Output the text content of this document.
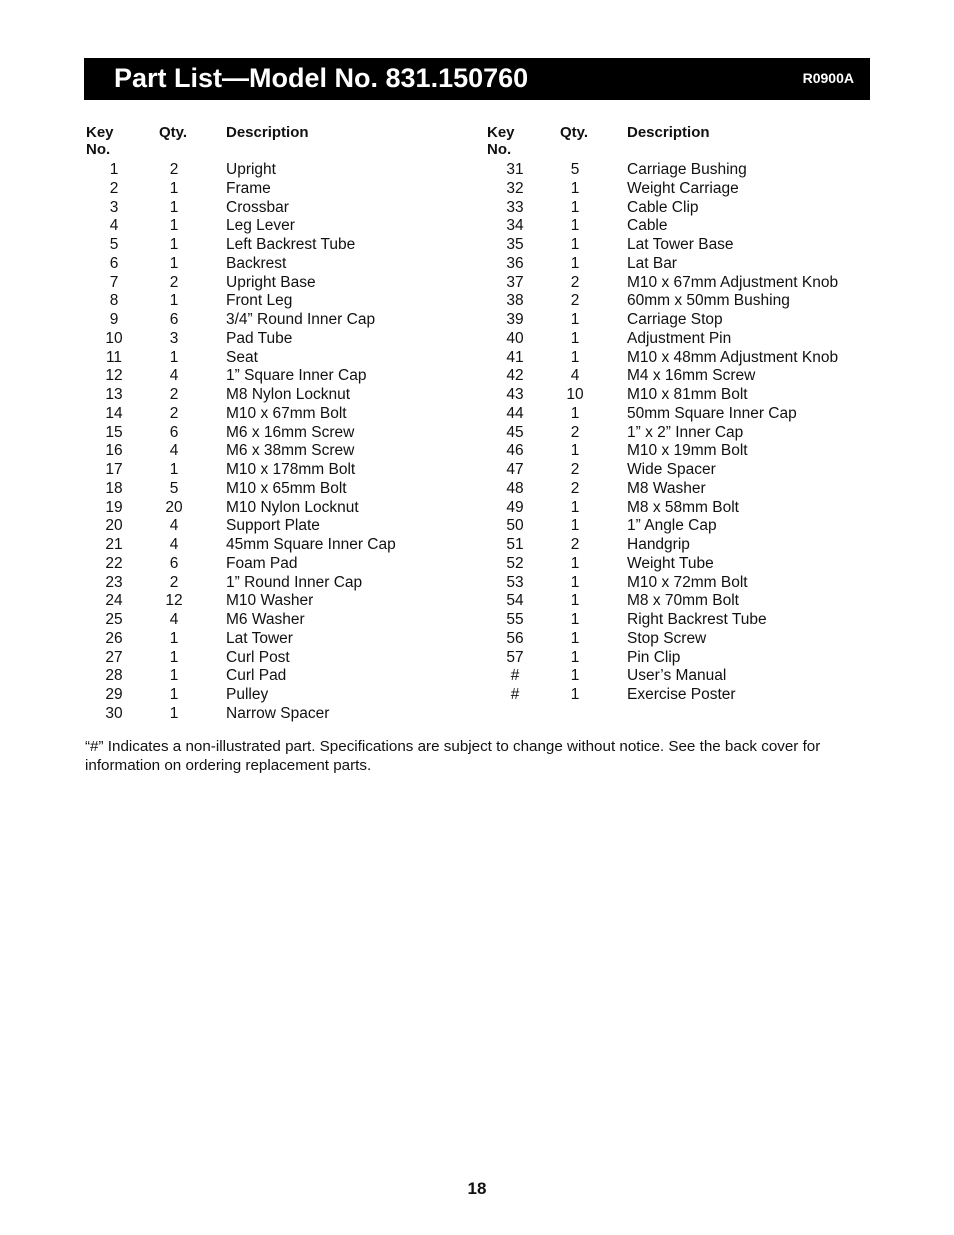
Part List—Model No. 831.150760	R0900A
Key No.
Qty.	Description
1	2	Upright
2	1	Frame
3	1	Crossbar
4	1	Leg Lever
5	1	Left Backrest Tube
6	1	Backrest
7	2	Upright Base
8	1	Front Leg
9	6	3/4” Round Inner Cap
10	3	Pad Tube
11	1	Seat
12	4	1” Square Inner Cap
13	2	M8 Nylon Locknut
14	2	M10 x 67mm Bolt
15	6	M6 x 16mm Screw
16	4	M6 x 38mm Screw
17	1	M10 x 178mm Bolt
18	5	M10 x 65mm Bolt
19	20	M10 Nylon Locknut
20	4	Support Plate
21	4	45mm Square Inner Cap
22	6	Foam Pad
23	2	1” Round Inner Cap
24	12	M10 Washer
25	4	M6 Washer
26	1	Lat Tower
27	1	Curl Post
28	1	Curl Pad
29	1	Pulley
30	1	Narrow Spacer
Key No.
Qty.	Description
31	5	Carriage Bushing
32	1	Weight Carriage
33	1	Cable Clip
34	1	Cable
35	1	Lat Tower Base
36	1	Lat Bar
37	2	M10 x 67mm Adjustment Knob
38	2	60mm x 50mm Bushing
39	1	Carriage Stop
40	1	Adjustment Pin
41	1	M10 x 48mm Adjustment Knob
42	4	M4 x 16mm Screw
43	10	M10 x 81mm Bolt
44	1	50mm Square Inner Cap
45	2	1” x 2” Inner Cap
46	1	M10 x 19mm Bolt
47	2	Wide Spacer
48	2	M8 Washer
49	1	M8 x 58mm Bolt
50	1	1” Angle Cap
51	2	Handgrip
52	1	Weight Tube
53	1	M10 x 72mm Bolt
54	1	M8 x 70mm Bolt
55	1	Right Backrest Tube
56	1	Stop Screw
57	1	Pin Clip
#	1	User’s Manual
#	1	Exercise Poster
“#” Indicates a non-illustrated part. Specifications are subject to change without notice. See the back cover for information on ordering replacement parts.
18
